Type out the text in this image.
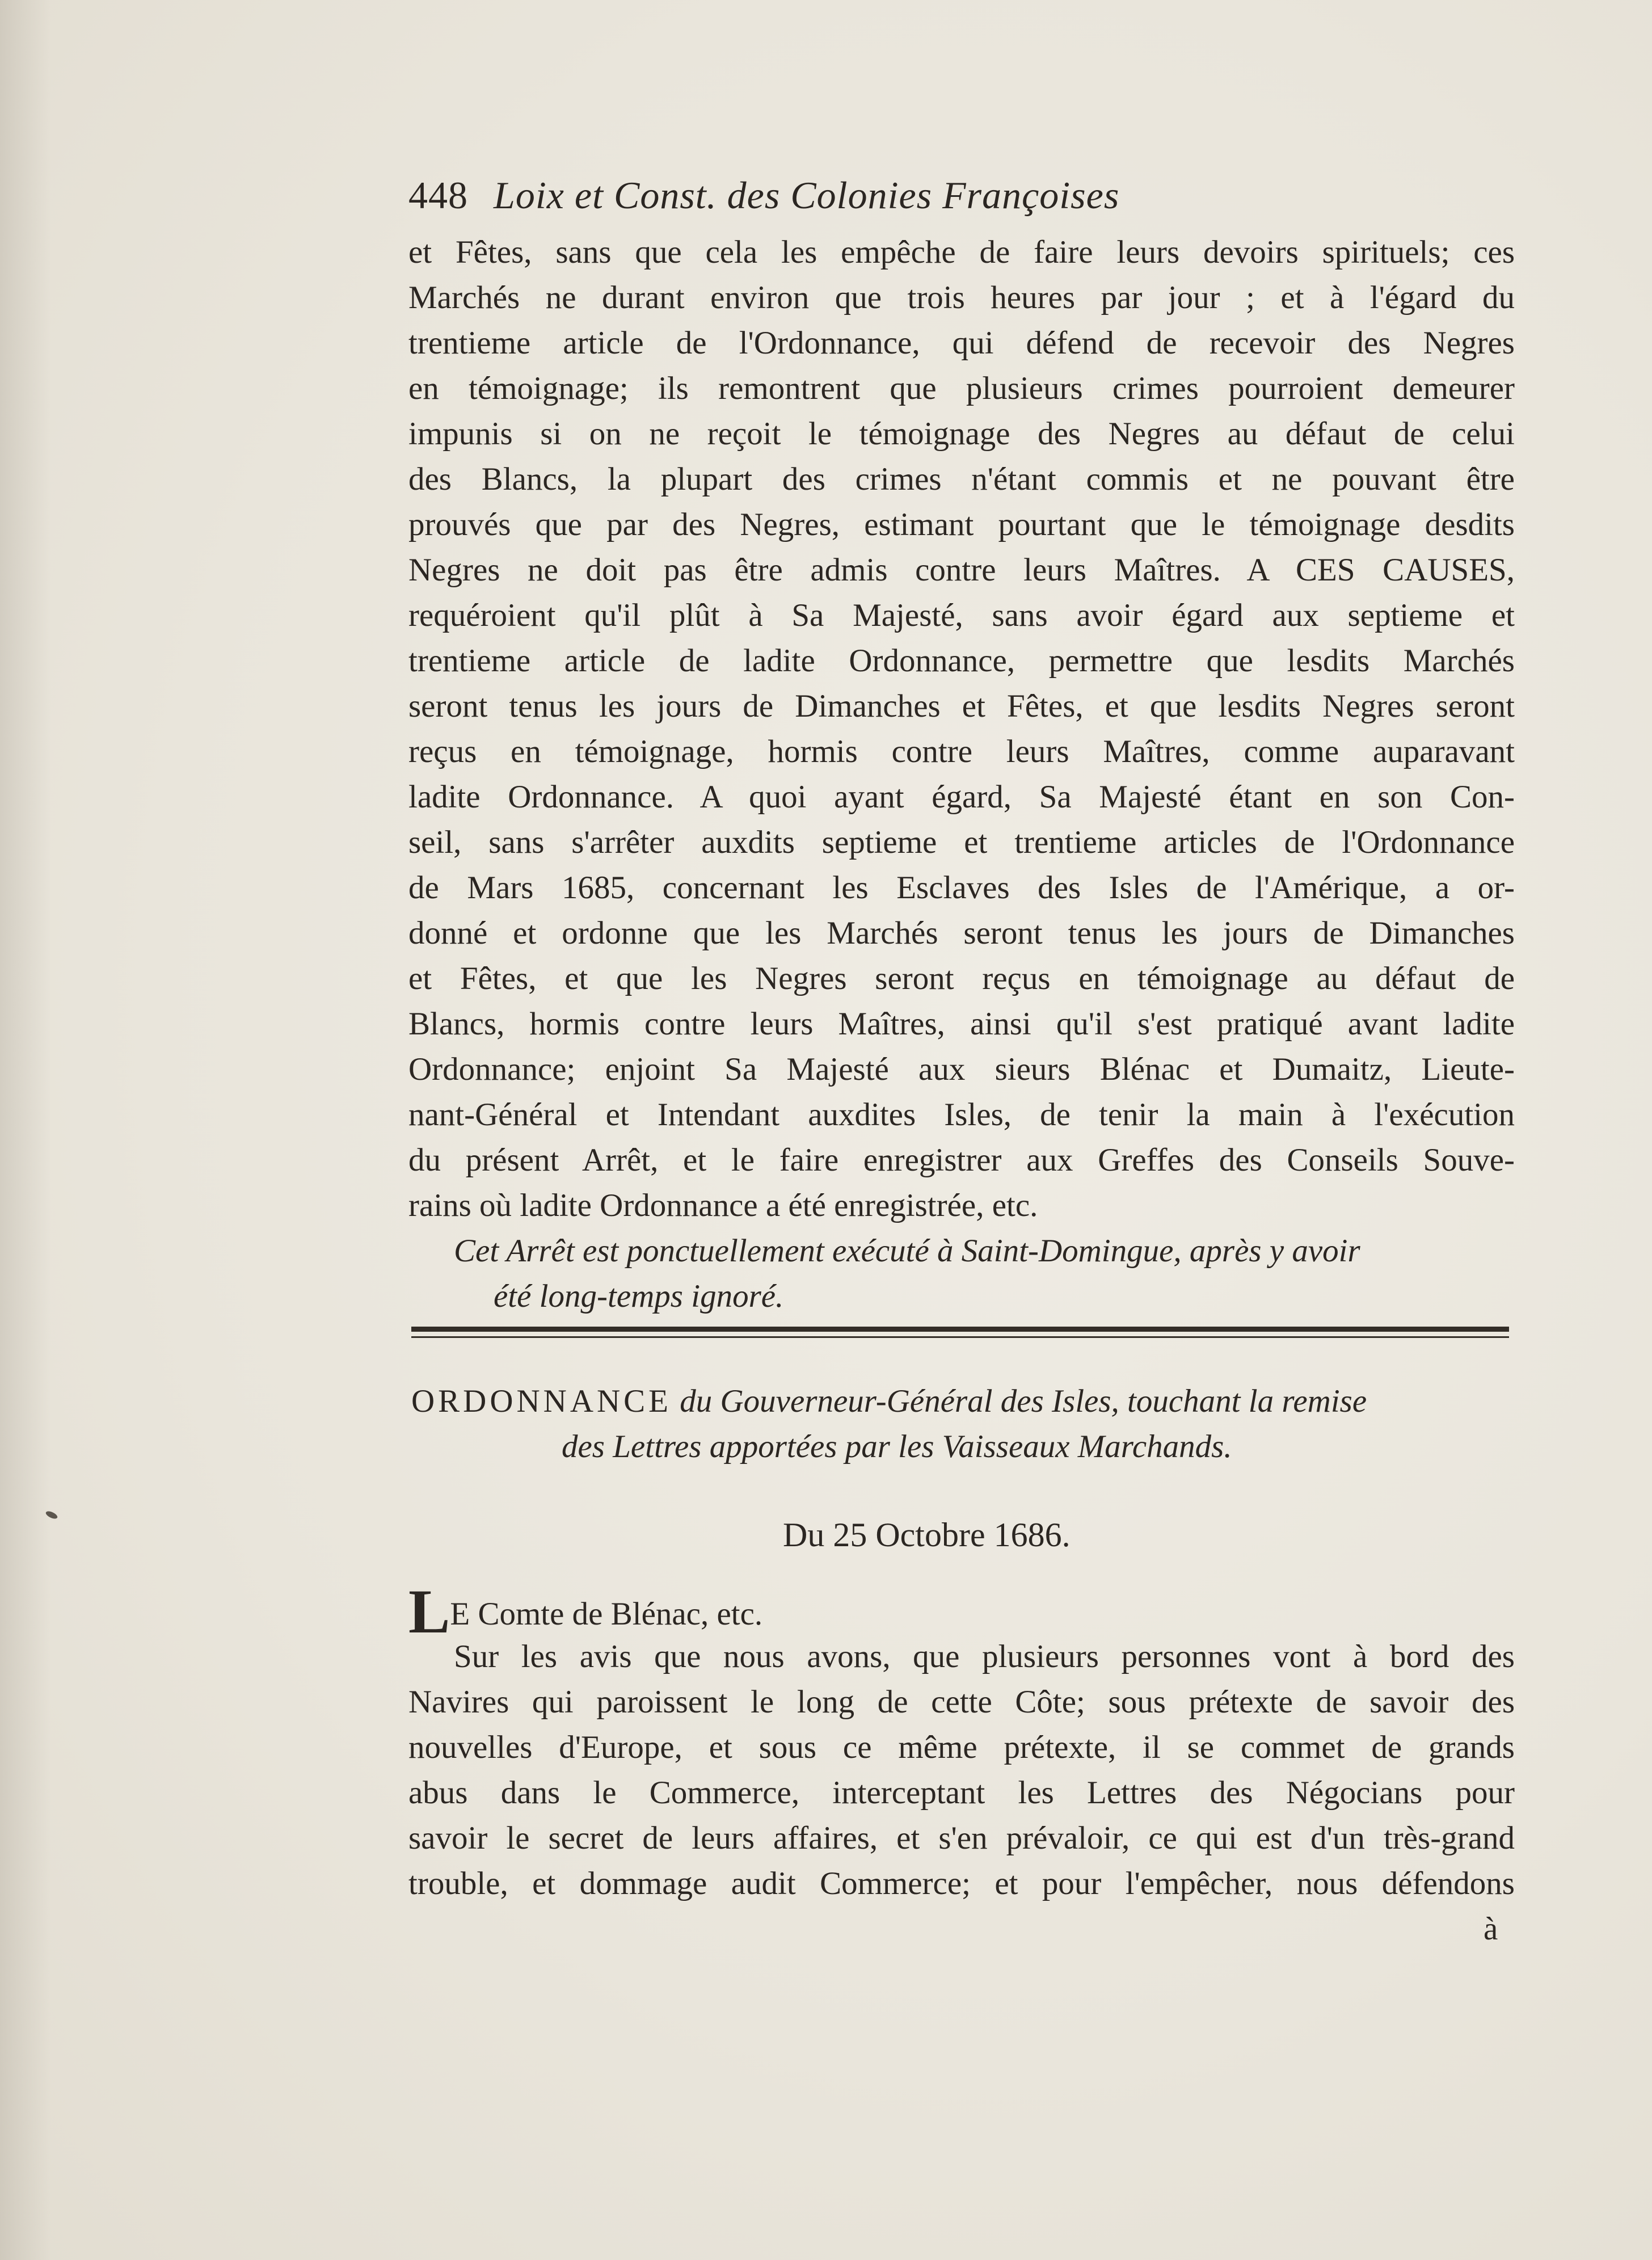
448 Loix et Const. des Colonies Françoises
et Fêtes, sans que cela les empêche de faire leurs devoirs spirituels; ces
Marchés ne durant environ que trois heures par jour ; et à l'égard du
trentieme article de l'Ordonnance, qui défend de recevoir des Negres
en témoignage; ils remontrent que plusieurs crimes pourroient demeurer
impunis si on ne reçoit le témoignage des Negres au défaut de celui
des Blancs, la plupart des crimes n'étant commis et ne pouvant être
prouvés que par des Negres, estimant pourtant que le témoignage desdits
Negres ne doit pas être admis contre leurs Maîtres. A CES CAUSES,
requéroient qu'il plût à Sa Majesté, sans avoir égard aux septieme et
trentieme article de ladite Ordonnance, permettre que lesdits Marchés
seront tenus les jours de Dimanches et Fêtes, et que lesdits Negres seront
reçus en témoignage, hormis contre leurs Maîtres, comme auparavant
ladite Ordonnance. A quoi ayant égard, Sa Majesté étant en son Con-
seil, sans s'arrêter auxdits septieme et trentieme articles de l'Ordonnance
de Mars 1685, concernant les Esclaves des Isles de l'Amérique, a or-
donné et ordonne que les Marchés seront tenus les jours de Dimanches
et Fêtes, et que les Negres seront reçus en témoignage au défaut de
Blancs, hormis contre leurs Maîtres, ainsi qu'il s'est pratiqué avant ladite
Ordonnance; enjoint Sa Majesté aux sieurs Blénac et Dumaitz, Lieute-
nant-Général et Intendant auxdites Isles, de tenir la main à l'exécution
du présent Arrêt, et le faire enregistrer aux Greffes des Conseils Souve-
rains où ladite Ordonnance a été enregistrée, etc.
Cet Arrêt est ponctuellement exécuté à Saint-Domingue, après y avoir
été long-temps ignoré.
ORDONNANCE du Gouverneur-Général des Isles, touchant la remise
des Lettres apportées par les Vaisseaux Marchands.
Du 25 Octobre 1686.
LE Comte de Blénac, etc.
Sur les avis que nous avons, que plusieurs personnes vont à bord des
Navires qui paroissent le long de cette Côte; sous prétexte de savoir des
nouvelles d'Europe, et sous ce même prétexte, il se commet de grands
abus dans le Commerce, interceptant les Lettres des Négocians pour
savoir le secret de leurs affaires, et s'en prévaloir, ce qui est d'un très-grand
trouble, et dommage audit Commerce; et pour l'empêcher, nous défendons
à
